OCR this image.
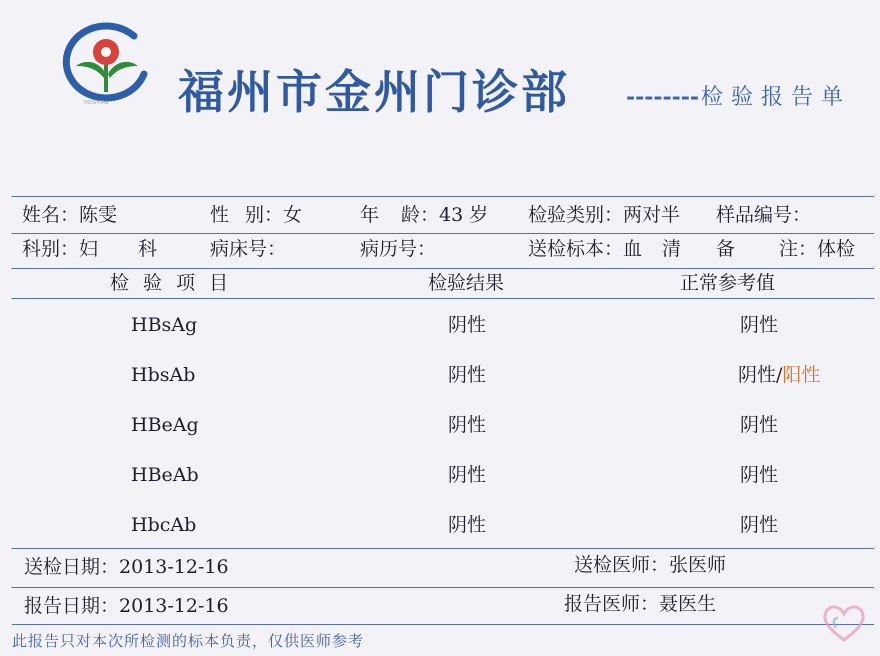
HOSPITAL 福州市金州门诊部	--------检验报告单
姓名：陈雯	性 别：女	年 龄：43 岁 检验类别：两对半 样品编号：
科别：妇 科	病床号：	病历号：	送检标本：血 清 备 注：体检
检 验 项 目	检验结果	正常参考值
HBsAg	阴性	阴性
HbsAb	阴性	阴性/阳性
HBeAg	阴性	阴性
HBeAb	阴性	阴性
HbcAb	阴性	阴性
送检日期：2013-12-16	送检医师：张医师
报告日期：2013-12-16	报告医师：聂医生
此报告只对本次所检测的标本负责，仅供医师参考
